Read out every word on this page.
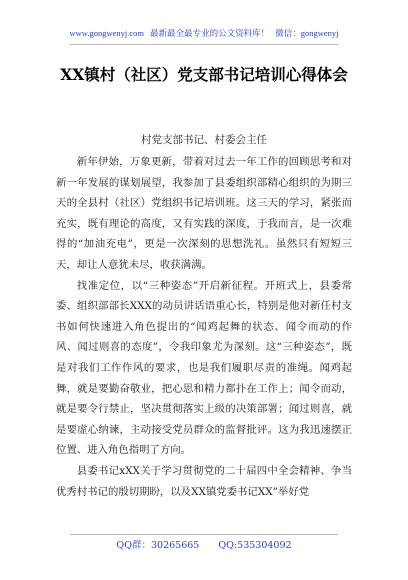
www.gongwenyj.com 最新最全最专业的公文资料库！ 微信：gongwenyj
XX镇村（社区）党支部书记培训心得体会
村党支部书记、村委会主任

新年伊始，万象更新，带着对过去一年工作的回顾思考和对新一年发展的谋划展望，我参加了县委组织部精心组织的为期三天的全县村（社区）党组织书记培训班。这三天的学习，紧张而充实，既有理论的高度，又有实践的深度，于我而言，是一次难得的“加油充电”，更是一次深刻的思想洗礼。虽然只有短短三天，却让人意犹未尽，收获满满。

找准定位，以“三种姿态”开启新征程。开班式上，县委常委、组织部部长XXX的动员讲话语重心长，特别是他对新任村支书如何快速进入角色提出的“闻鸡起舞的状态、闻令而动的作风、闻过则喜的态度”，令我印象尤为深刻。这“三种姿态”，既是对我们工作作风的要求，也是我们履职尽责的准绳。闻鸡起舞，就是要勤奋敬业，把心思和精力都扑在工作上；闻令而动，就是要令行禁止，坚决贯彻落实上级的决策部署；闻过则喜，就是要虚心纳谏，主动接受党员群众的监督批评。这为我迅速摆正位置、进入角色指明了方向。

县委书记xXX关于学习贯彻党的二十届四中全会精神、争当优秀村书记的殷切期盼，以及XX镇党委书记XX”举好党

QQ群：30265665 QQ:535304092
